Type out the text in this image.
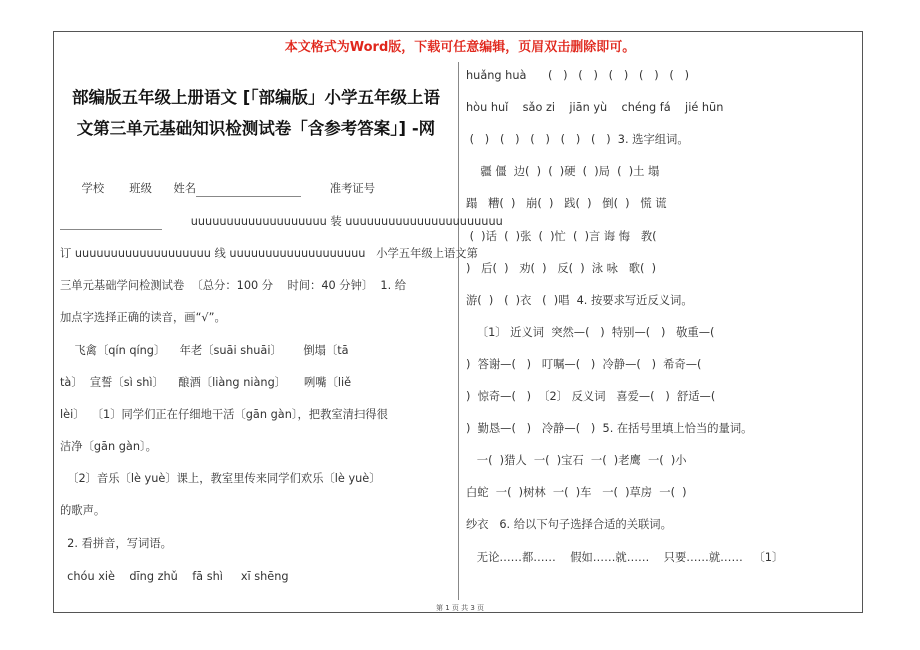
本文格式为Word版，下载可任意编辑，页眉双击删除即可。
部编版五年级上册语文 [「部编版」小学五年级上语
文第三单元基础知识检测试卷「含参考答案」] -网
学校 班级 姓名	准考证号
uuuuuuuuuuuuuuuuuuu 装 uuuuuuuuuuuuuuuuuuuuuu
订 uuuuuuuuuuuuuuuuuuu 线 uuuuuuuuuuuuuuuuuuu   小学五年级上语文第
三单元基础学问检测试卷  〔总分：100 分    时间：40 分钟〕  1. 给
加点字选择正确的读音，画“√”。
飞禽〔qín qíng〕    年老〔suāi shuāi〕      倒塌〔tā
tà〕  宣誓〔sì shì〕    酿酒〔liàng niàng〕     咧嘴〔liě
lèi〕  〔1〕同学们正在仔细地干活〔gān gàn〕，把教室清扫得很
洁净〔gān gàn〕。
〔2〕音乐〔lè yuè〕课上，教室里传来同学们欢乐〔lè yuè〕
的歌声。
2. 看拼音，写词语。
chóu xiè    dīng zhǔ    fā shì     xī shēng
huǎng huà      (   )   (   )   (   )   (   )   (   )
hòu huǐ    sǎo zi    jiān yù    chéng fá    jié hūn
(   )   (   )   (   )   (   )   (   )  3. 选字组词。
疆 僵  边(  )  (  )硬  (  )局  (  )土 塌
蹋   糟(  )   崩(  )   践(  )   倒(  )   慌 谎
(  )话  (  )张  (  )忙  (  )言 诲 悔   教(
)   后(  )   劝(  )   反(  )  泳 咏   歌(  )
游(  )   (  )衣   (  )唱  4. 按要求写近反义词。
〔1〕 近义词  突然—(   )  特别—(   )   敬重—(
)  答谢—(   )   叮嘱—(   )  冷静—(   )  希奇—(
)  惊奇—(   )  〔2〕 反义词   喜爱—(   )  舒适—(
)  勤恳—(   )   冷静—(   )  5. 在括号里填上恰当的量词。
一(  )猎人  一(  )宝石  一(  )老鹰  一(  )小
白蛇  一(  )树林  一(  )车   一(  )草房  一(  )
纱衣   6. 给以下句子选择合适的关联词。
无论……都……    假如……就……    只要……就……   〔1〕
第 1 页 共 3 页
